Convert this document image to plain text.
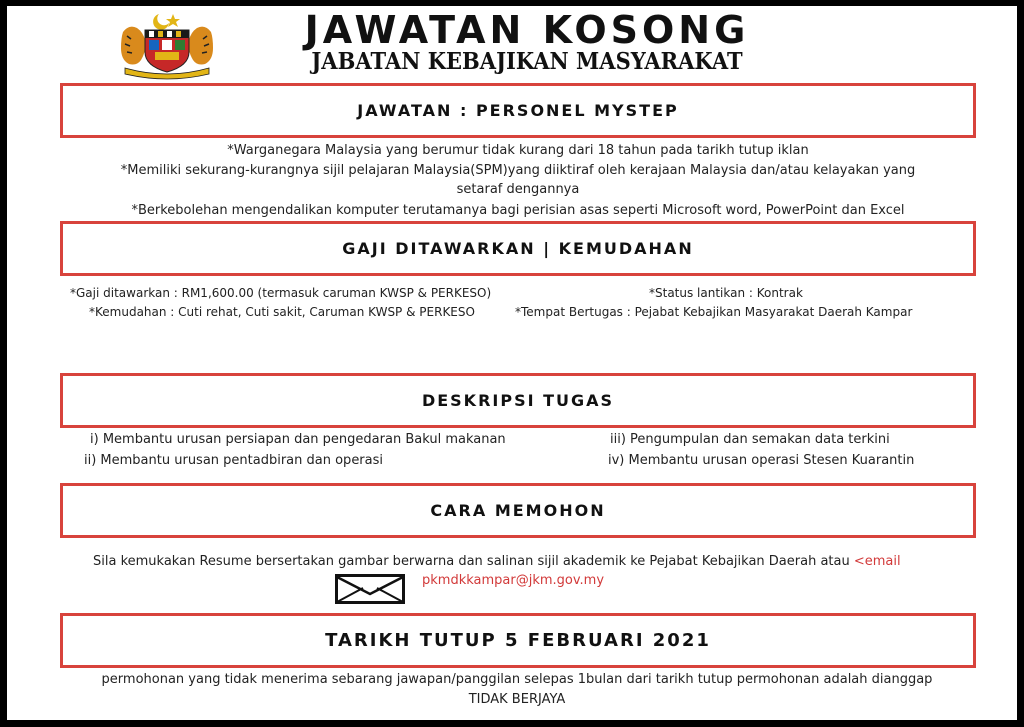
JAWATAN KOSONG
JABATAN KEBAJIKAN MASYARAKAT
JAWATAN : PERSONEL MYSTEP
*Warganegara Malaysia yang berumur tidak kurang dari 18 tahun pada tarikh tutup iklan
*Memiliki sekurang-kurangnya sijil pelajaran Malaysia(SPM)yang diiktiraf oleh kerajaan Malaysia dan/atau kelayakan yang
setaraf dengannya
*Berkebolehan mengendalikan komputer terutamanya bagi perisian asas seperti Microsoft word, PowerPoint dan Excel
GAJI DITAWARKAN | KEMUDAHAN
*Gaji ditawarkan : RM1,600.00 (termasuk caruman KWSP & PERKESO)
*Kemudahan : Cuti rehat, Cuti sakit, Caruman KWSP & PERKESO
*Status lantikan : Kontrak
*Tempat Bertugas : Pejabat Kebajikan Masyarakat Daerah Kampar
DESKRIPSI TUGAS
i) Membantu urusan persiapan dan pengedaran Bakul makanan
ii) Membantu urusan pentadbiran dan operasi
iii) Pengumpulan dan semakan data terkini
iv) Membantu urusan operasi Stesen Kuarantin
CARA MEMOHON
Sila kemukakan Resume bersertakan gambar berwarna dan salinan sijil akademik ke Pejabat Kebajikan Daerah atau <email
pkmdkkampar@jkm.gov.my
TARIKH TUTUP 5 FEBRUARI 2021
permohonan yang tidak menerima sebarang jawapan/panggilan selepas 1bulan dari tarikh tutup permohonan adalah dianggap
TIDAK BERJAYA
